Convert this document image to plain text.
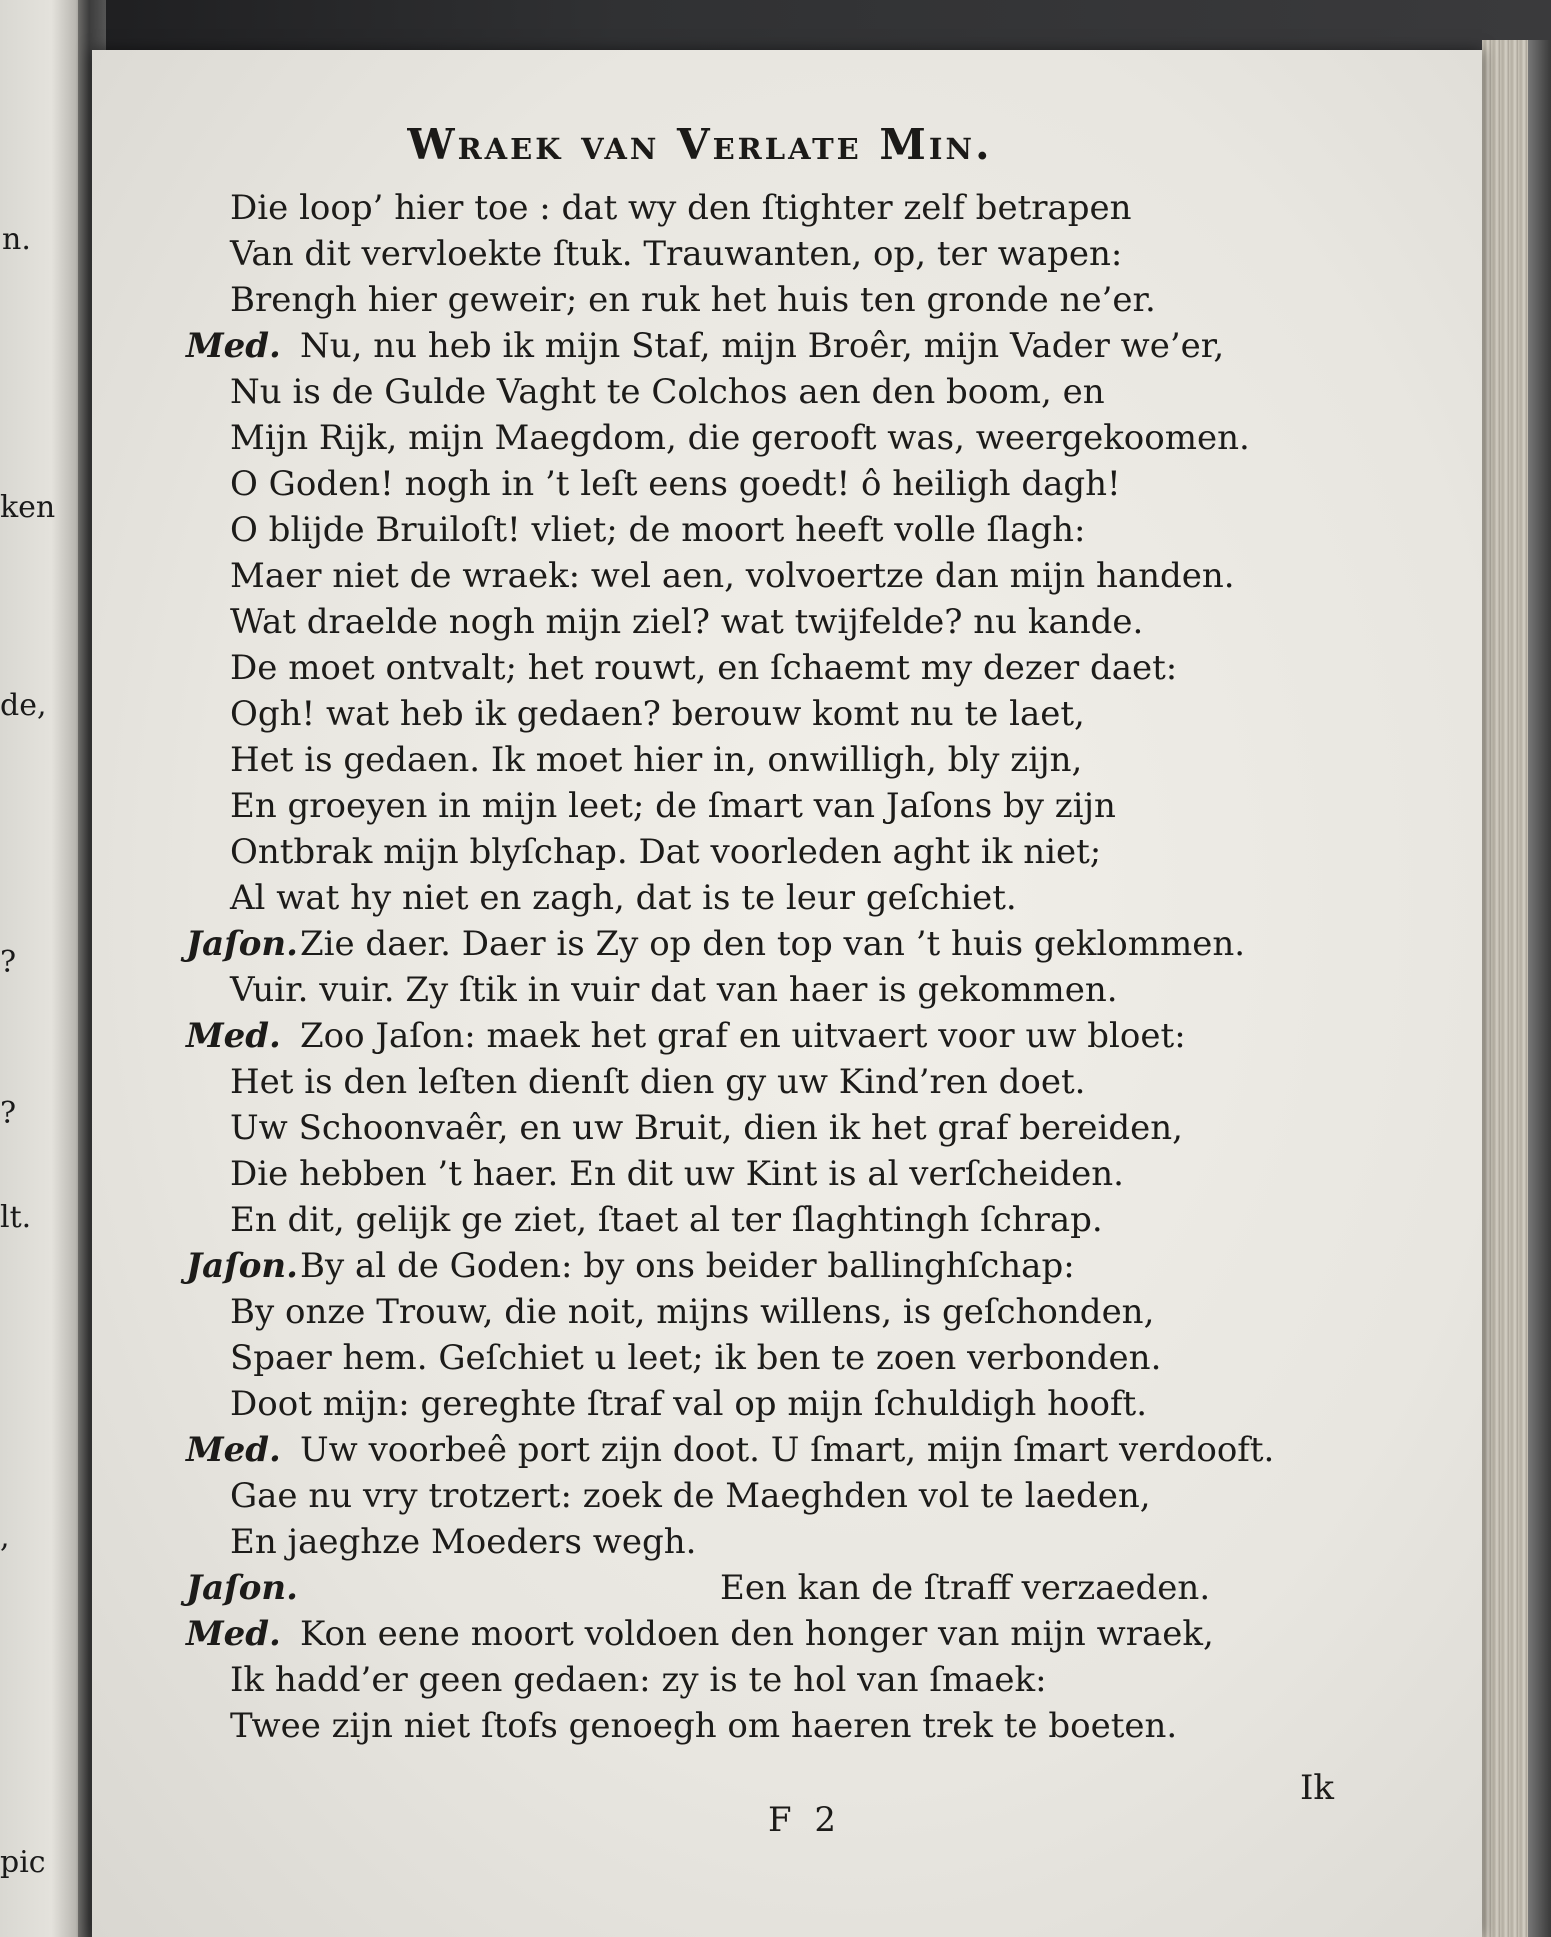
n.
ken
de,
?
?
lt.
,
pic
Wraek van Verlate Min.
Die loop’ hier toe : dat wy den ſtighter zelf betrapen
Van dit vervloekte ſtuk. Trauwanten, op, ter wapen:
Brengh hier geweir; en ruk het huis ten gronde ne’er.
Med. Nu, nu heb ik mijn Staf, mijn Broêr, mijn Vader we’er,
Nu is de Gulde Vaght te Colchos aen den boom, en
Mijn Rijk, mijn Maegdom, die gerooft was, weergekoomen.
O Goden! nogh in ’t leſt eens goedt! ô heiligh dagh!
O blijde Bruiloſt! vliet; de moort heeft volle ſlagh:
Maer niet de wraek: wel aen, volvoertze dan mijn handen.
Wat draelde nogh mijn ziel? wat twijfelde? nu kande.
De moet ontvalt; het rouwt, en ſchaemt my dezer daet:
Ogh! wat heb ik gedaen? berouw komt nu te laet,
Het is gedaen. Ik moet hier in, onwilligh, bly zijn,
En groeyen in mijn leet; de ſmart van Jaſons by zijn
Ontbrak mijn blyſchap. Dat voorleden aght ik niet;
Al wat hy niet en zagh, dat is te leur geſchiet.
Jaſon. Zie daer. Daer is Zy op den top van ’t huis geklommen.
Vuir. vuir. Zy ſtik in vuir dat van haer is gekommen.
Med. Zoo Jaſon: maek het graf en uitvaert voor uw bloet:
Het is den leſten dienſt dien gy uw Kind’ren doet.
Uw Schoonvaêr, en uw Bruit, dien ik het graf bereiden,
Die hebben ’t haer. En dit uw Kint is al verſcheiden.
En dit, gelijk ge ziet, ſtaet al ter ſlaghtingh ſchrap.
Jaſon. By al de Goden: by ons beider ballinghſchap:
By onze Trouw, die noit, mijns willens, is geſchonden,
Spaer hem. Geſchiet u leet; ik ben te zoen verbonden.
Doot mijn: gereghte ſtraf val op mijn ſchuldigh hooft.
Med. Uw voorbeê port zijn doot. U ſmart, mijn ſmart verdooft.
Gae nu vry trotzert: zoek de Maeghden vol te laeden,
En jaeghze Moeders wegh.
Jaſon.	Een kan de ſtraff verzaeden.
Med. Kon eene moort voldoen den honger van mijn wraek,
Ik hadd’er geen gedaen: zy is te hol van ſmaek:
Twee zijn niet ſtofs genoegh om haeren trek te boeten.
F 2
Ik
